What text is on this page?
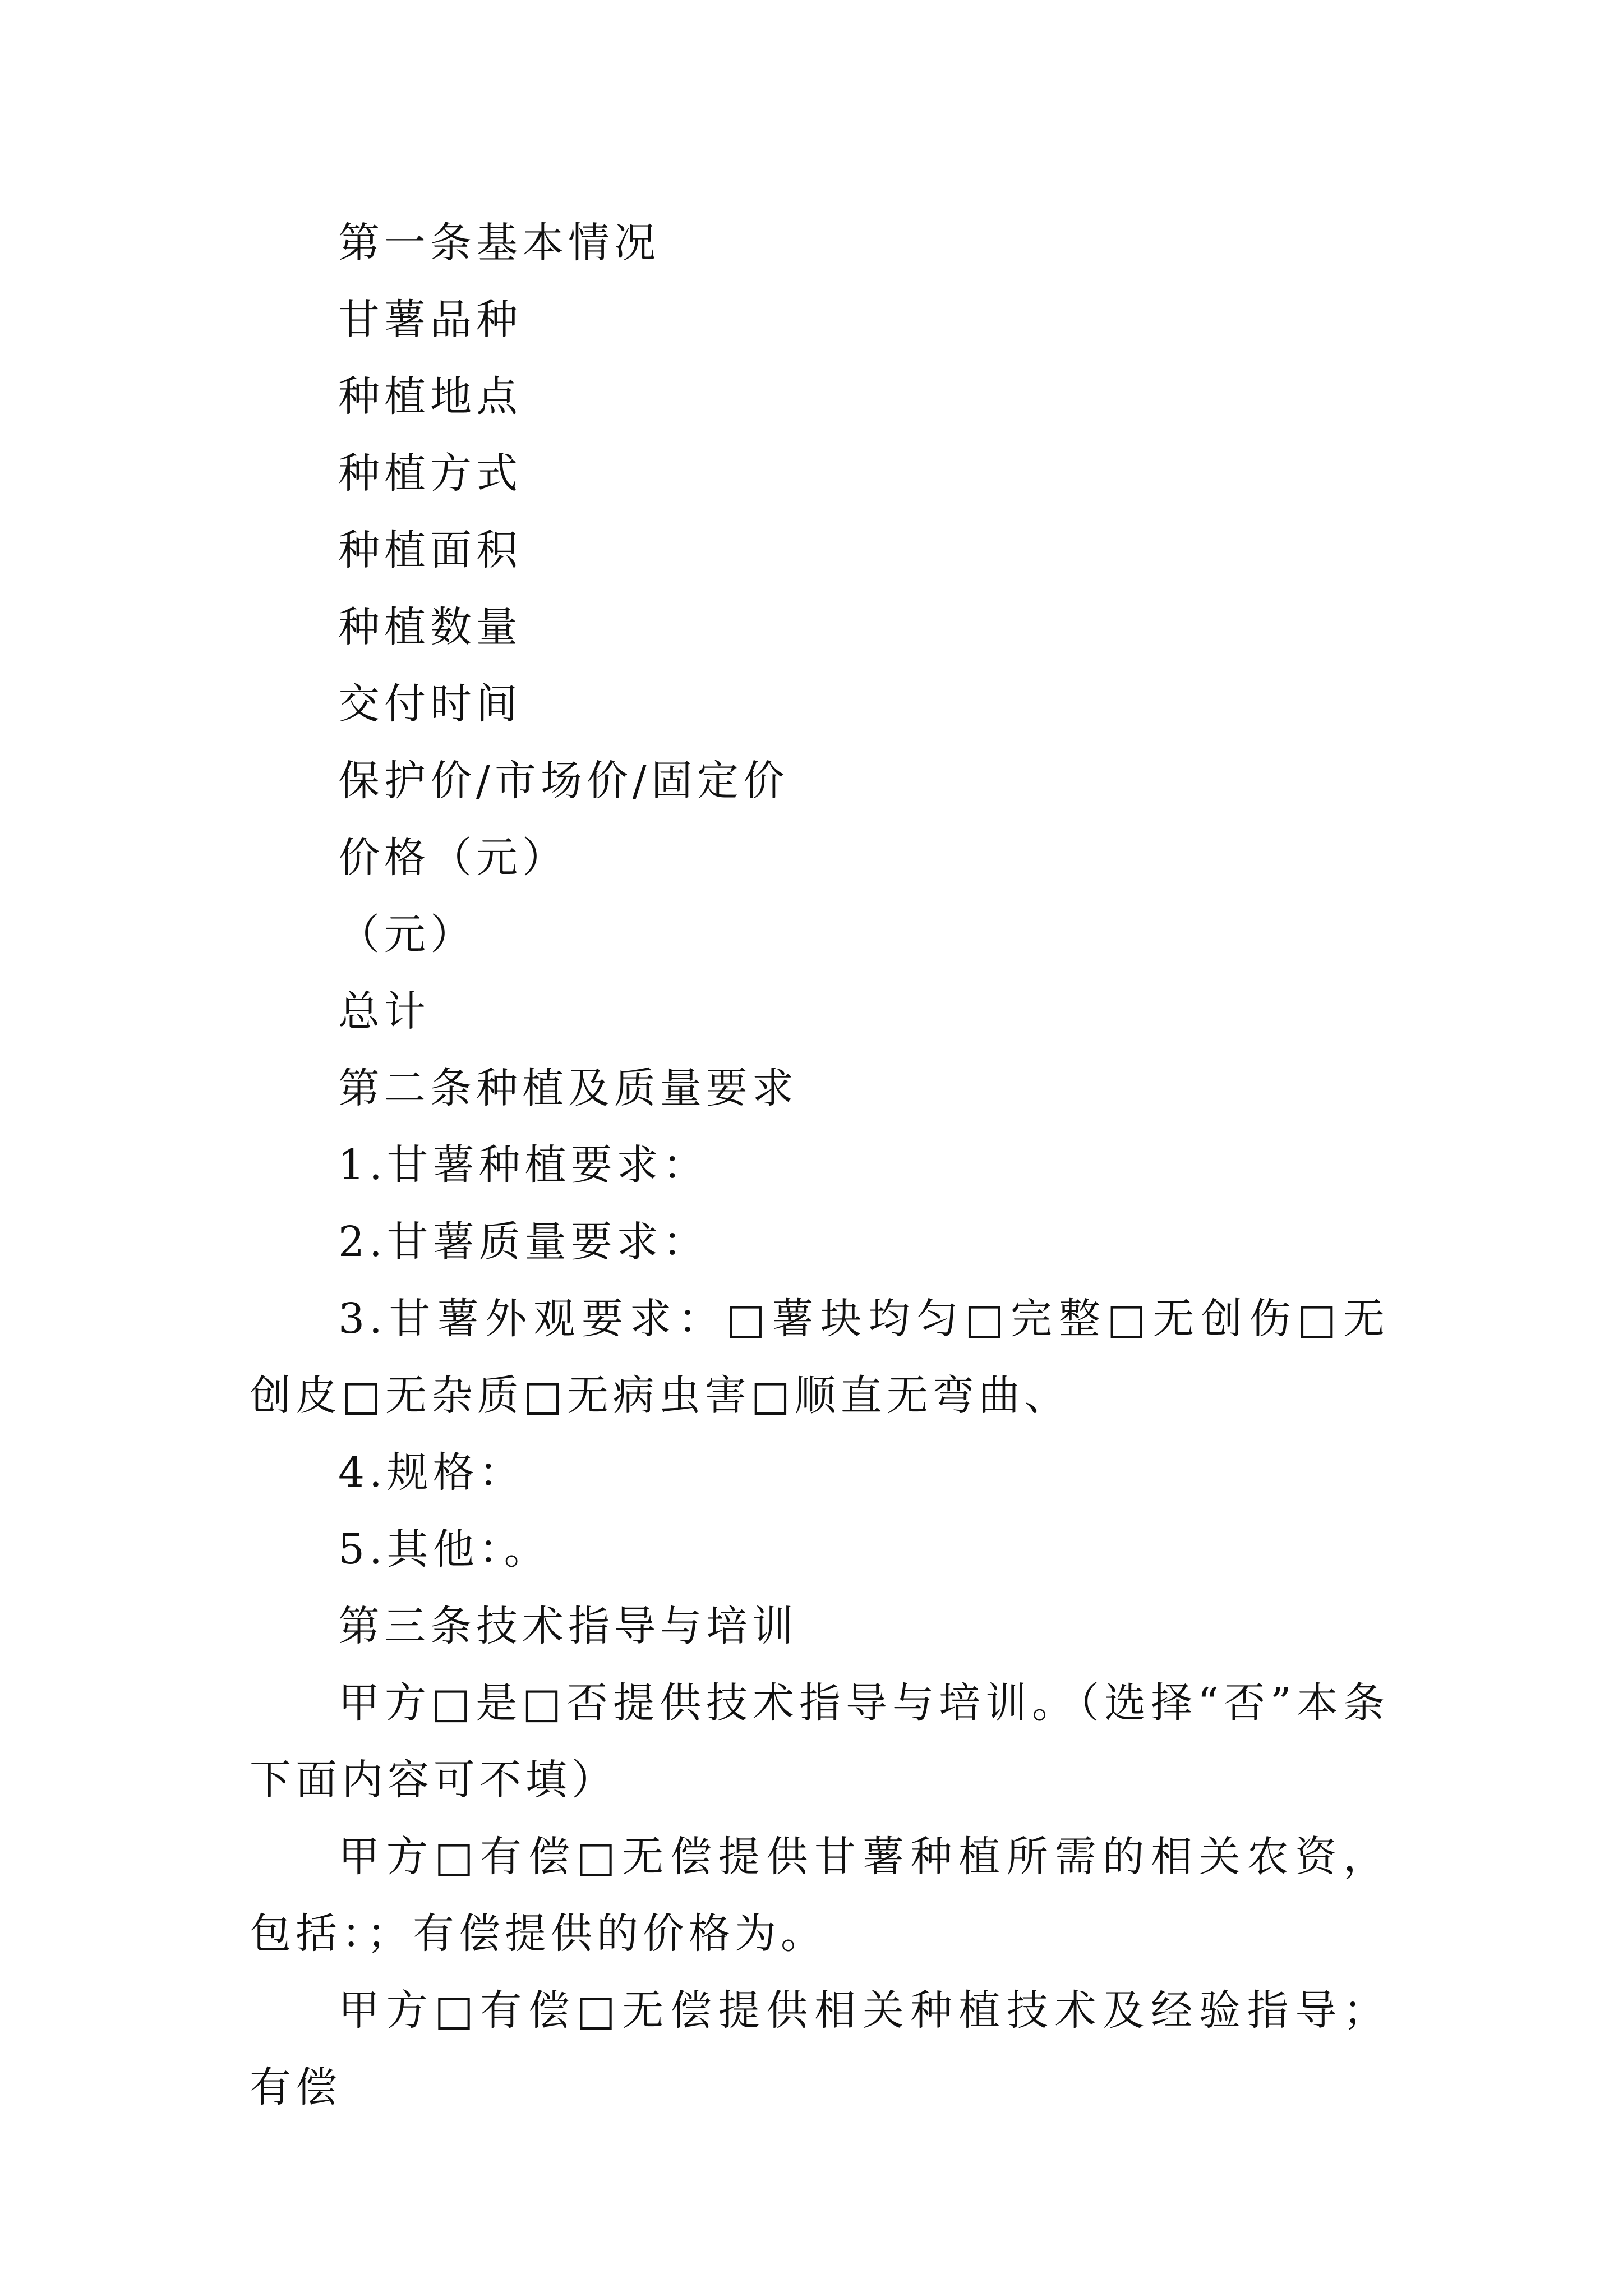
第一条基本情况
甘薯品种
种植地点
种植方式
种植面积
种植数量
交付时间
保护价/市场价/固定价
价格（元）
（元）
总计
第二条种植及质量要求
1.甘薯种植要求：
2.甘薯质量要求：
3.甘薯外观要求：□薯块均匀□完整□无创伤□无创皮□无杂质□无病虫害□顺直无弯曲、
4.规格：
5.其他：。
第三条技术指导与培训
甲方□是□否提供技术指导与培训。（选择“否”本条下面内容可不填）
甲方□有偿□无偿提供甘薯种植所需的相关农资，包括：；有偿提供的价格为。
甲方□有偿□无偿提供相关种植技术及经验指导；有偿
